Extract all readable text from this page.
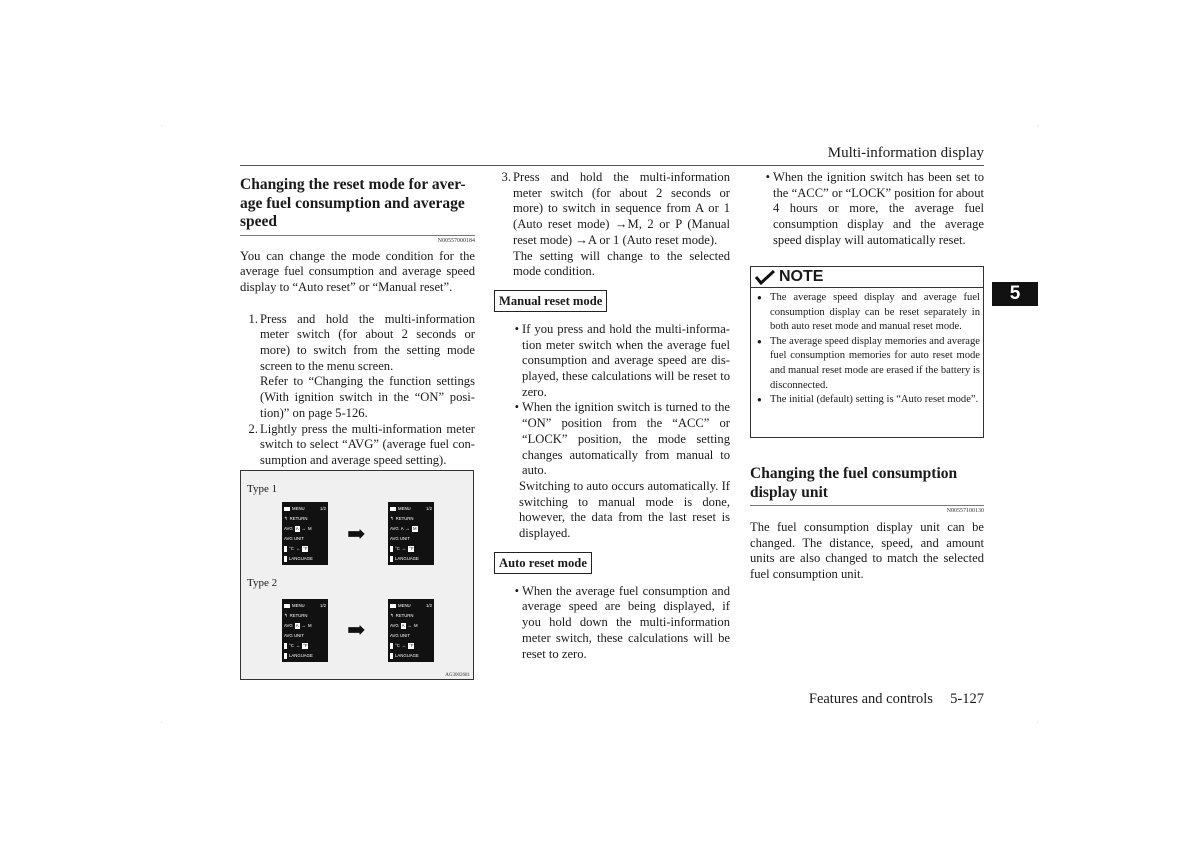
·	·
·	·
Multi-information display
5
Changing the reset mode for aver-age fuel consumption and average speed
N00557000184

You can change the mode condition for the average fuel consumption and average speed display to “Auto reset” or “Manual reset”.

1. Press and hold the multi-information meter switch (for about 2 seconds or more) to switch from the setting mode screen to the menu screen.
Refer to “Changing the function settings (With ignition switch in the “ON” posi-tion)” on page 5-126.
2. Lightly press the multi-information meter switch to select “AVG” (average fuel con-sumption and average speed setting).
Type 1
Type 2
MENU	1/2
↰ RETURN
AVG A ↔ M
AVG UNIT
°C ↔ °F
LANGUAGE
➡
MENU	1/2
↰ RETURN
AVG A ↔ M
AVG UNIT
°C ↔ °F
LANGUAGE
MENU	1/2
↰ RETURN
AVG A ↔ M
AVG UNIT
°C ↔ °F
LANGUAGE
➡
MENU	1/2
↰ RETURN
AVG A ↔ M
AVG UNIT
°C ↔ °F
LANGUAGE
AG3002681
3. Press and hold the multi-information meter switch (for about 2 seconds or more) to switch in sequence from A or 1 (Auto reset mode) →M, 2 or P (Manual reset mode) →A or 1 (Auto reset mode).
The setting will change to the selected mode condition.
Manual reset mode
• If you press and hold the multi-informa-tion meter switch when the average fuel consumption and average speed are dis-played, these calculations will be reset to zero.
• When the ignition switch is turned to the “ON” position from the “ACC” or “LOCK” position, the mode setting changes automatically from manual to auto.

Switching to auto occurs automatically. If switching to manual mode is done, however, the data from the last reset is displayed.

Auto reset mode
• When the average fuel consumption and average speed are being displayed, if you hold down the multi-information meter switch, these calculations will be reset to zero.
• When the ignition switch has been set to the “ACC” or “LOCK” position for about 4 hours or more, the average fuel consumption display and the average speed display will automatically reset.
NOTE
● The average speed display and average fuel consumption display can be reset separately in both auto reset mode and manual reset mode.
● The average speed display memories and average fuel consumption memories for auto reset mode and manual reset mode are erased if the battery is disconnected.
● The initial (default) setting is “Auto reset mode”.
Changing the fuel consumption display unit
N00557100130

The fuel consumption display unit can be changed. The distance, speed, and amount units are also changed to match the selected fuel consumption unit.

Features and controls 5-127
